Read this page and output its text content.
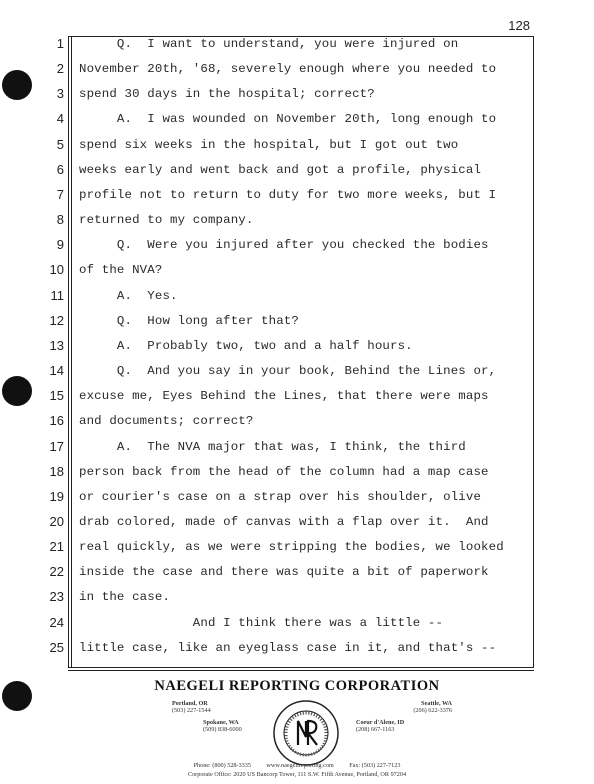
128
1 Q.  I want to understand, you were injured on
2 November 20th, '68, severely enough where you needed to
3 spend 30 days in the hospital; correct?
4 A.  I was wounded on November 20th, long enough to
5 spend six weeks in the hospital, but I got out two
6 weeks early and went back and got a profile, physical
7 profile not to return to duty for two more weeks, but I
8 returned to my company.
9 Q.  Were you injured after you checked the bodies
10 of the NVA?
11 A.  Yes.
12 Q.  How long after that?
13 A.  Probably two, two and a half hours.
14 Q.  And you say in your book, Behind the Lines or,
15 excuse me, Eyes Behind the Lines, that there were maps
16 and documents; correct?
17 A.  The NVA major that was, I think, the third
18 person back from the head of the column had a map case
19 or courier's case on a strap over his shoulder, olive
20 drab colored, made of canvas with a flap over it.  And
21 real quickly, as we were stripping the bodies, we looked
22 inside the case and there was quite a bit of paperwork
23 in the case.
24 And I think there was a little --
25 little case, like an eyeglass case in it, and that's --
NAEGELI REPORTING CORPORATION
Portland, OR
(503) 227-1544
Seattle, WA
(206) 622-3376
Spokane, WA
(509) 838-6000
Coeur d'Alene, ID
(208) 667-1163
Phone: (800) 528-3335          www.naegelireporting.com          Fax: (503) 227-7123
Corporate Office: 2020 US Bancorp Tower, 111 S.W. Fifth Avenue, Portland, OR 97204
